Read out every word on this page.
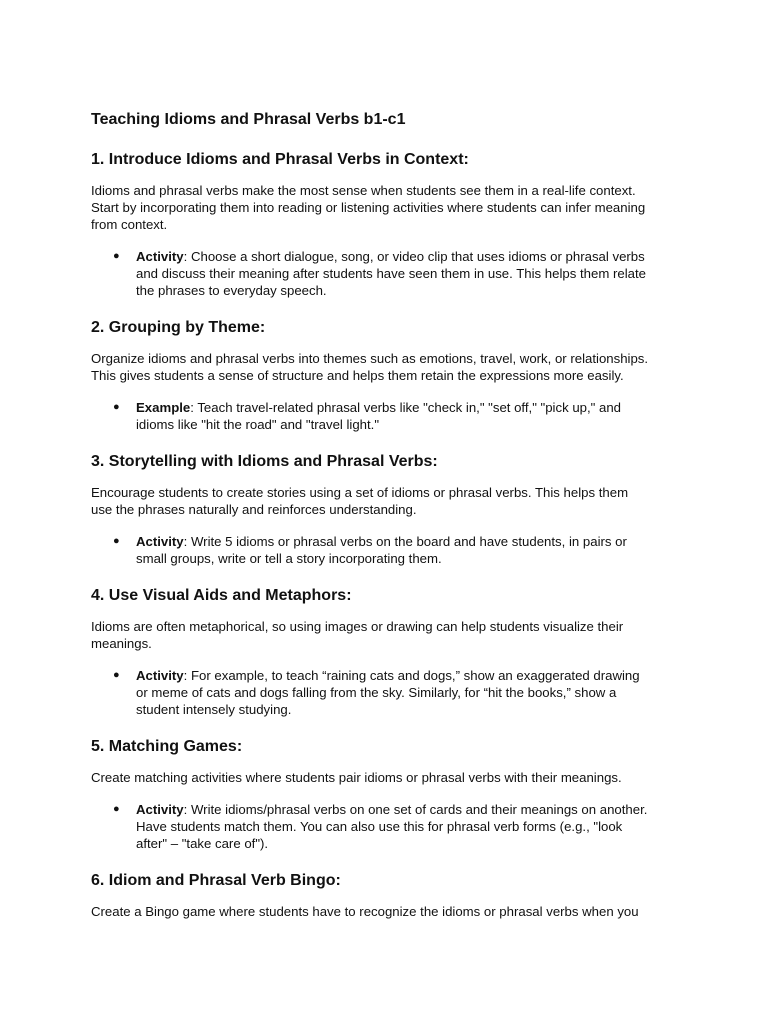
Teaching Idioms and Phrasal Verbs b1-c1
1. Introduce Idioms and Phrasal Verbs in Context:

Idioms and phrasal verbs make the most sense when students see them in a real-life context.
Start by incorporating them into reading or listening activities where students can infer meaning
from context.

● Activity: Choose a short dialogue, song, or video clip that uses idioms or phrasal verbs
and discuss their meaning after students have seen them in use. This helps them relate
the phrases to everyday speech.
2. Grouping by Theme:

Organize idioms and phrasal verbs into themes such as emotions, travel, work, or relationships.
This gives students a sense of structure and helps them retain the expressions more easily.

● Example: Teach travel-related phrasal verbs like "check in," "set off," "pick up," and
idioms like "hit the road" and "travel light."
3. Storytelling with Idioms and Phrasal Verbs:

Encourage students to create stories using a set of idioms or phrasal verbs. This helps them
use the phrases naturally and reinforces understanding.

● Activity: Write 5 idioms or phrasal verbs on the board and have students, in pairs or
small groups, write or tell a story incorporating them.
4. Use Visual Aids and Metaphors:

Idioms are often metaphorical, so using images or drawing can help students visualize their
meanings.

● Activity: For example, to teach “raining cats and dogs,” show an exaggerated drawing
or meme of cats and dogs falling from the sky. Similarly, for “hit the books,” show a
student intensely studying.
5. Matching Games:

Create matching activities where students pair idioms or phrasal verbs with their meanings.

● Activity: Write idioms/phrasal verbs on one set of cards and their meanings on another.
Have students match them. You can also use this for phrasal verb forms (e.g., "look
after" – "take care of").
6. Idiom and Phrasal Verb Bingo:

Create a Bingo game where students have to recognize the idioms or phrasal verbs when you
